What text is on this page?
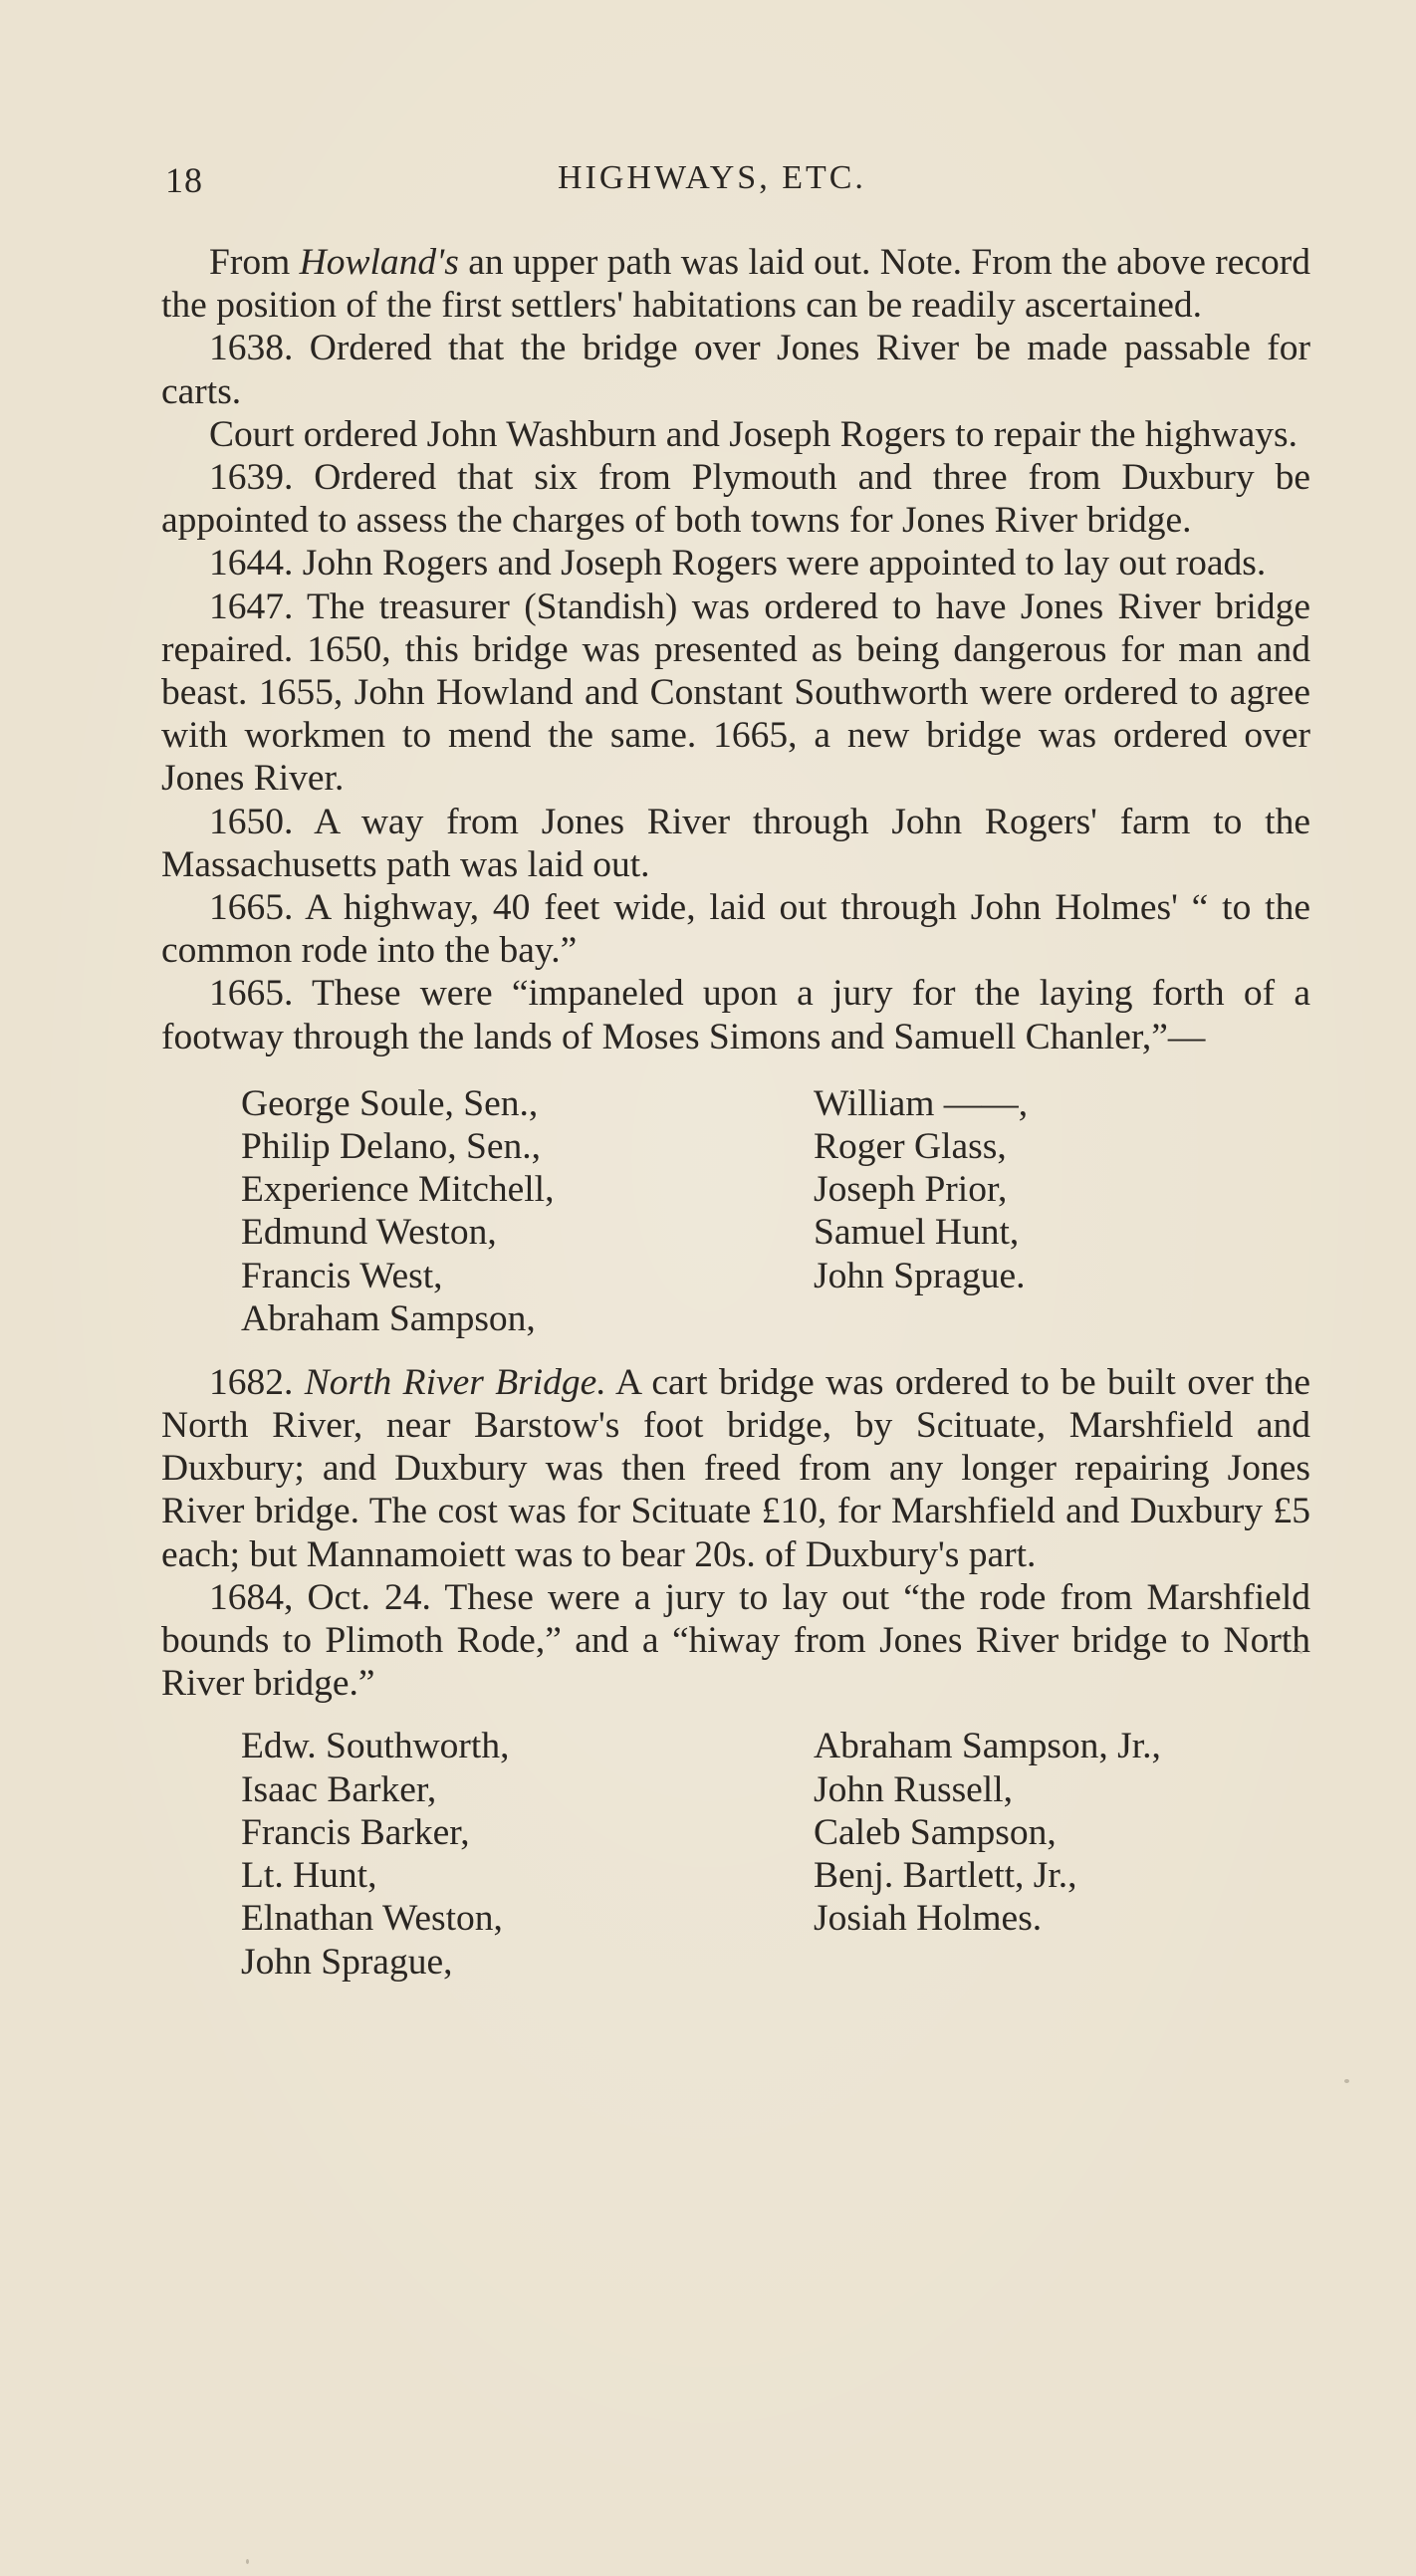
18	HIGHWAYS, ETC.

From Howland's an upper path was laid out. Note. From the above record the position of the first settlers' habitations can be readily ascertained.

1638. Ordered that the bridge over Jones River be made passable for carts.

Court ordered John Washburn and Joseph Rogers to repair the highways.

1639. Ordered that six from Plymouth and three from Duxbury be appointed to assess the charges of both towns for Jones River bridge.

1644. John Rogers and Joseph Rogers were appointed to lay out roads.

1647. The treasurer (Standish) was ordered to have Jones River bridge repaired. 1650, this bridge was presented as being dangerous for man and beast. 1655, John Howland and Constant Southworth were ordered to agree with workmen to mend the same. 1665, a new bridge was ordered over Jones River.

1650. A way from Jones River through John Rogers' farm to the Massachusetts path was laid out.

1665. A highway, 40 feet wide, laid out through John Holmes' “ to the common rode into the bay.”

1665. These were “impaneled upon a jury for the laying forth of a footway through the lands of Moses Simons and Samuell Chanler,”—

George Soule, Sen.,
Philip Delano, Sen.,
Experience Mitchell,
Edmund Weston,
Francis West,
Abraham Sampson,
William ——,
Roger Glass,
Joseph Prior,
Samuel Hunt,
John Sprague.

1682. North River Bridge. A cart bridge was ordered to be built over the North River, near Barstow's foot bridge, by Scituate, Marshfield and Duxbury; and Duxbury was then freed from any longer repairing Jones River bridge. The cost was for Scituate £10, for Marshfield and Duxbury £5 each; but Mannamoiett was to bear 20s. of Duxbury's part.

1684, Oct. 24. These were a jury to lay out “the rode from Marshfield bounds to Plimoth Rode,” and a “hiway from Jones River bridge to North River bridge.”

Edw. Southworth,
Isaac Barker,
Francis Barker,
Lt. Hunt,
Elnathan Weston,
John Sprague,
Abraham Sampson, Jr.,
John Russell,
Caleb Sampson,
Benj. Bartlett, Jr.,
Josiah Holmes.
